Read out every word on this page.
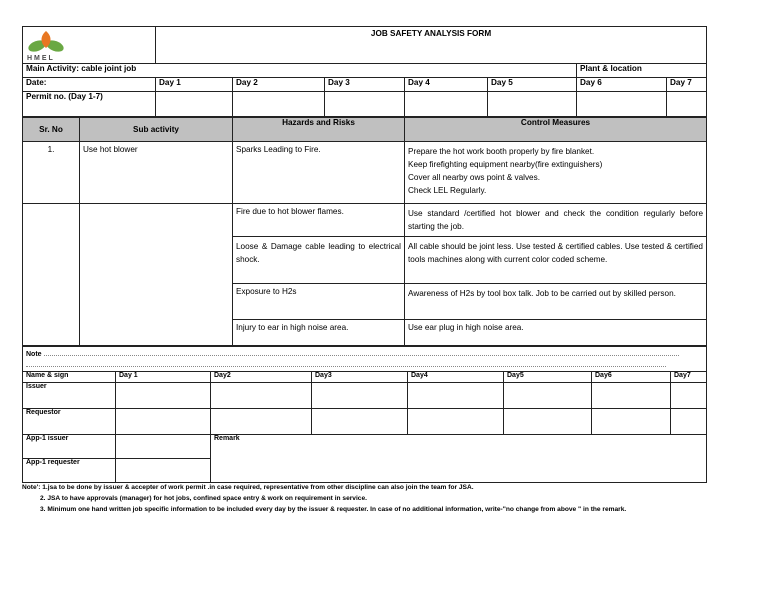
HMEL	JOB SAFETY ANALYSIS FORM						
Main Activity: cable joint job						Plant & location	
Date:	Day 1	Day 2	Day 3	Day 4	Day 5	Day 6	Day 7
Permit no. (Day 1-7)							
Sr. No	Sub activity	Hazards and Risks	Control Measures
1.	Use hot blower	Sparks Leading to Fire.	Prepare the hot work booth properly by fire blanket.
Keep firefighting equipment nearby(fire extinguishers)
Cover all nearby ows point & valves.
Check LEL Regularly.

		Fire due to hot blower flames.	Use standard /certified hot blower and check the condition regularly before starting the job.
		Loose & Damage cable leading to electrical shock.	All cable should be joint less. Use tested & certified cables. Use tested & certified tools machines along with current color coded scheme.
		Exposure to H2s	Awareness of H2s by tool box talk. Job to be carried out by skilled person.
		Injury to ear in high noise area.	Use ear plug in high noise area.
Note							

Name & sign	Day 1	Day2	Day3	Day4	Day5	Day6	Day7
Issuer							
Requestor							
App-1 issuer		Remark					
App-1 requester							
Note': 1.jsa to be done by issuer & accepter of work permit .in case required, representative from other discipline can also join the team for JSA.
2. JSA to have approvals (manager) for hot jobs, confined space entry & work on requirement in service.
3. Minimum one hand written job specific information to be included every day by the issuer & requester. In case of no additional information, write-"no change from above " in the remark.
